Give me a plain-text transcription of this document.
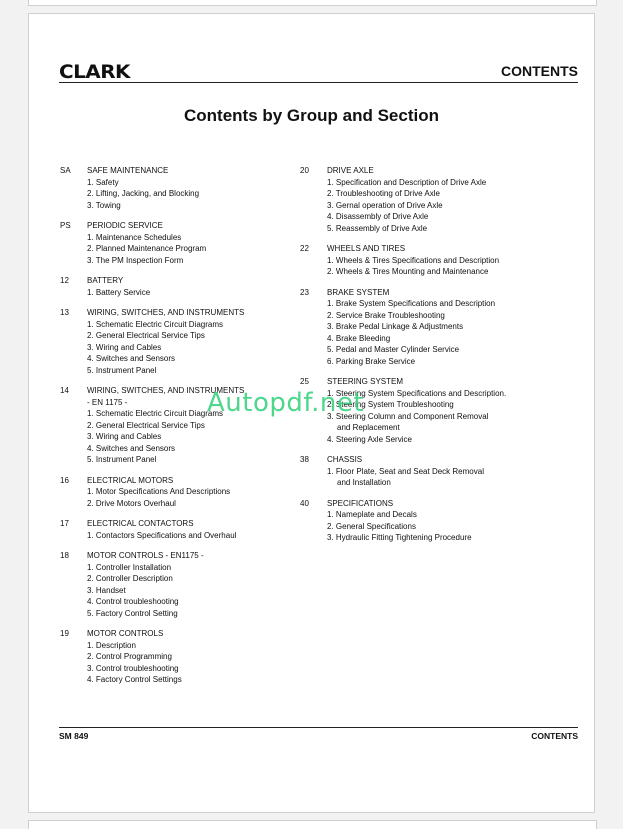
CLARK	CONTENTS
Contents by Group and Section
SA	SAFE MAINTENANCE
1. Safety
2. Lifting, Jacking, and Blocking
3. Towing
PS	PERIODIC SERVICE
1. Maintenance Schedules
2. Planned Maintenance Program
3. The PM Inspection Form
12	BATTERY
1. Battery Service
13	WIRING, SWITCHES, AND INSTRUMENTS
1. Schematic Electric Circuit Diagrams
2. General Electrical Service Tips
3. Wiring and Cables
4. Switches and Sensors
5. Instrument Panel
14	WIRING, SWITCHES, AND INSTRUMENTS
- EN 1175 -
1. Schematic Electric Circuit Diagrams
2. General Electrical Service Tips
3. Wiring and Cables
4. Switches and Sensors
5. Instrument Panel
16	ELECTRICAL MOTORS
1. Motor Specifications And Descriptions
2. Drive Motors Overhaul
17	ELECTRICAL CONTACTORS
1. Contactors Specifications and Overhaul
18	MOTOR CONTROLS - EN1175 -
1. Controller Installation
2. Controller Description
3. Handset
4. Control troubleshooting
5. Factory Control Setting
19	MOTOR CONTROLS
1. Description
2. Control Programming
3. Control troubleshooting
4. Factory Control Settings
20	DRIVE AXLE
1. Specification and Description of Drive Axle
2. Troubleshooting of Drive Axle
3. Gernal operation of Drive Axle
4. Disassembly of Drive Axle
5. Reassembly of Drive Axle
22	WHEELS AND TIRES
1. Wheels & Tires Specifications and Description
2. Wheels & Tires Mounting and Maintenance
23	BRAKE SYSTEM
1. Brake System Specifications and Description
2. Service Brake Troubleshooting
3. Brake Pedal Linkage & Adjustments
4. Brake Bleeding
5. Pedal and Master Cylinder Service
6. Parking Brake Service
25	STEERING SYSTEM
1. Steering System Specifications and Description.
2. Steering System Troubleshooting
3. Steering Column and Component Removal
and Replacement
4. Steering Axle Service
38	CHASSIS
1. Floor Plate, Seat and Seat Deck Removal
and Installation
40	SPECIFICATIONS
1. Nameplate and Decals
2. General Specifications
3. Hydraulic Fitting Tightening Procedure
SM 849	CONTENTS
Autopdf.net
